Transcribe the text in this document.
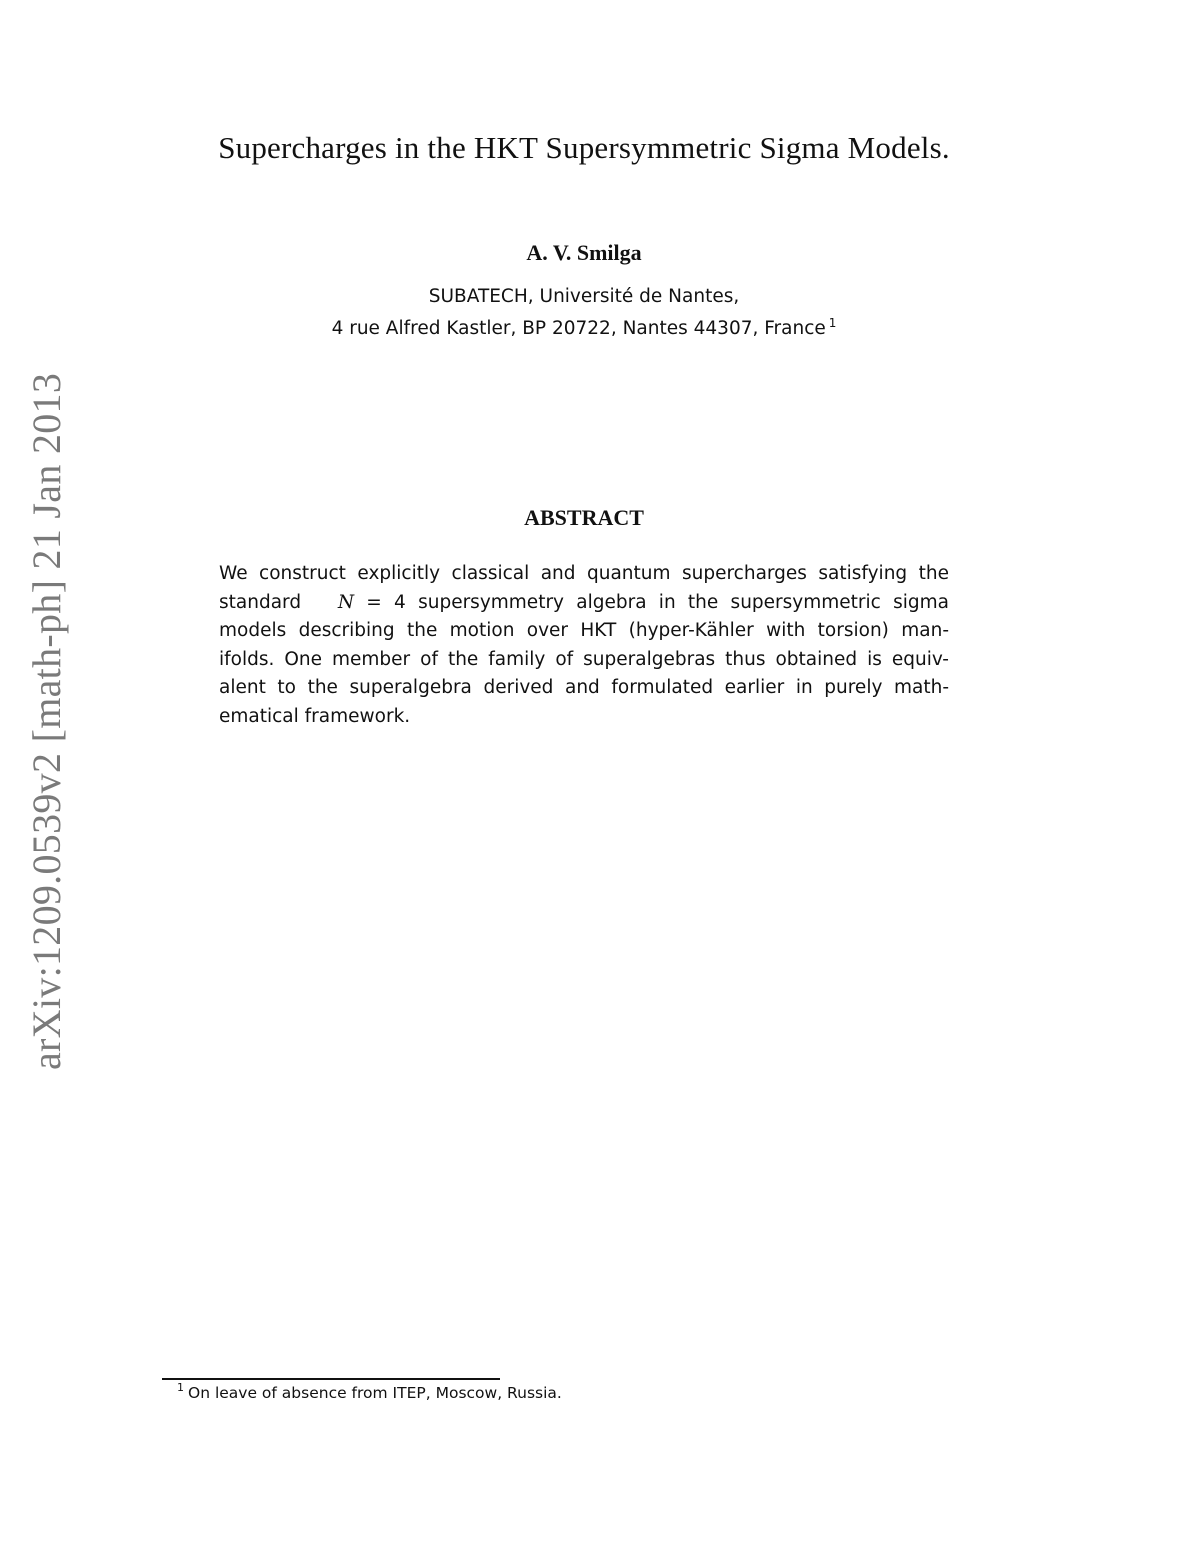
arXiv:1209.0539v2 [math-ph] 21 Jan 2013
Supercharges in the HKT Supersymmetric Sigma Models.
A. V. Smilga
SUBATECH, Université de Nantes,
4 rue Alfred Kastler, BP 20722, Nantes 44307, France $^1$
ABSTRACT
We construct explicitly classical and quantum supercharges satisfying the
standard N = 4 supersymmetry algebra in the supersymmetric sigma
models describing the motion over HKT (hyper-Kähler with torsion) man-
ifolds. One member of the family of superalgebras thus obtained is equiv-
alent to the superalgebra derived and formulated earlier in purely math-
ematical framework.
1 On leave of absence from ITEP, Moscow, Russia.
